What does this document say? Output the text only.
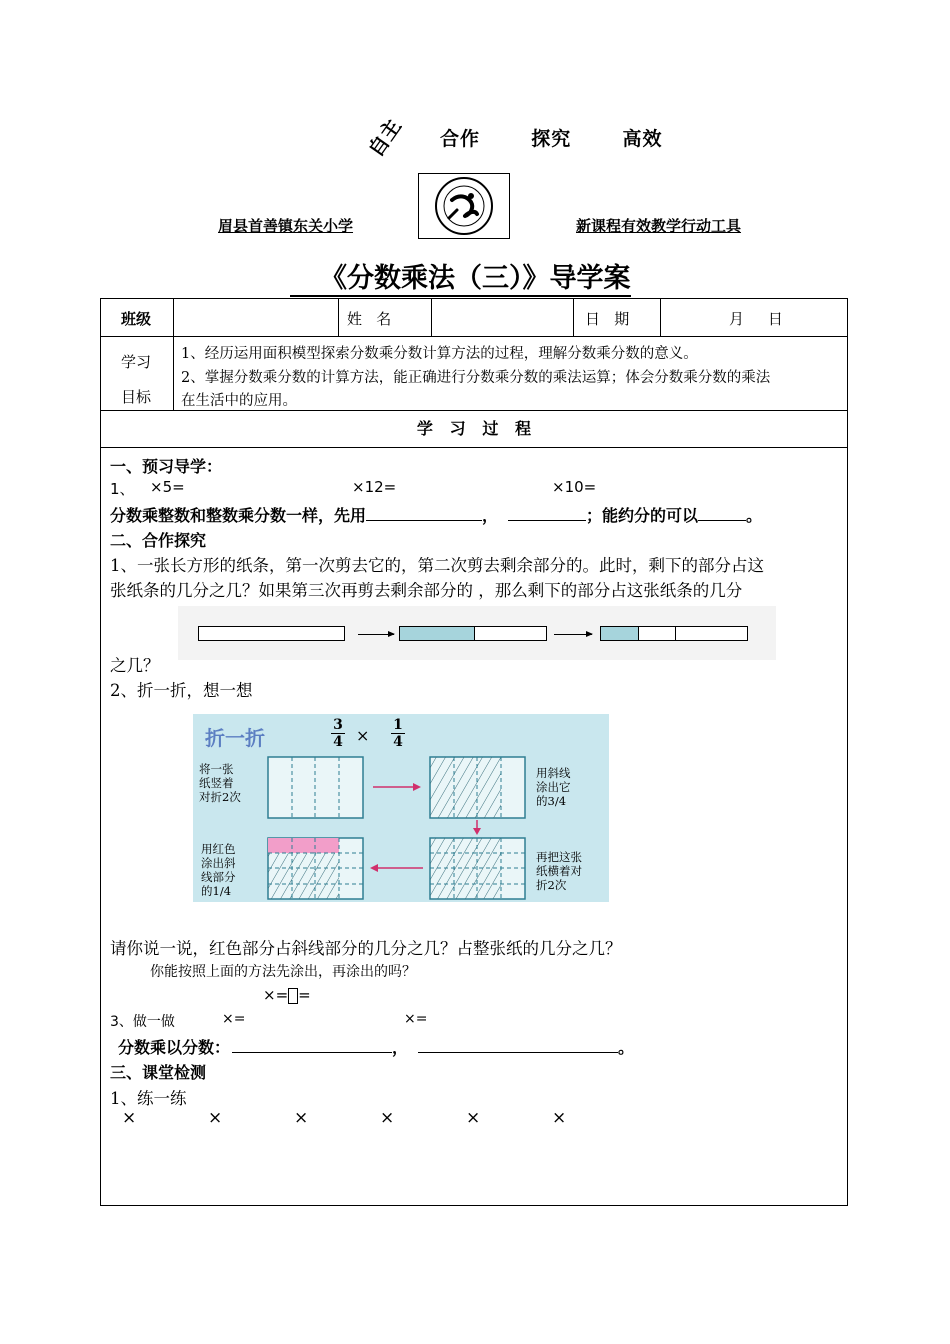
合作  探究  高效
自主
眉县首善镇东关小学	新课程有效教学行动工具
《分数乘法（三）》导学案
班级	姓   名	日   期	月     日
学习
目标
1、经历运用面积模型探索分数乘分数计算方法的过程，理解分数乘分数的意义。
2、掌握分数乘分数的计算方法，能正确进行分数乘分数的乘法运算；体会分数乘分数的乘法
在生活中的应用。
学   习   过   程
一、预习导学：
1、 ×5=	×12=	×10=
分数乘整数和整数乘分数一样，先用	，	；能约分的可以	。
二、合作探究
1、一张长方形的纸条，第一次剪去它的，第二次剪去剩余部分的。此时，剩下的部分占这
张纸条的几分之几？如果第三次再剪去剩余部分的 ，那么剩下的部分占这张纸条的几分
之几？
2、折一折，想一想
折一折
3
4 ×
1
4
将一张
纸竖着
对折2次
用斜线
涂出它
的3/4
再把这张
纸横着对
折2次
用红色
涂出斜
线部分
的1/4
请你说一说，红色部分占斜线部分的几分之几？占整张纸的几分之几？
你能按照上面的方法先涂出，再涂出的吗？
×= =
3、做一做	×=	×=
分数乘以分数：	，	。
三、课堂检测
1、练一练
×	×	×	×	×	×
